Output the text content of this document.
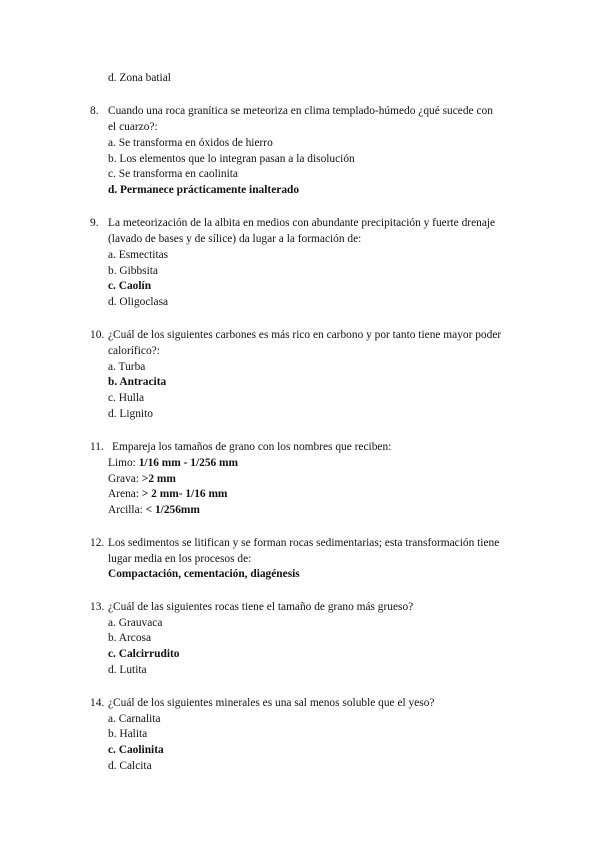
d. Zona batial
8. Cuando una roca granítica se meteoriza en clima templado-húmedo ¿qué sucede con
el cuarzo?:
a. Se transforma en óxidos de hierro
b. Los elementos que lo integran pasan a la disolución
c. Se transforma en caolinita
d. Permanece prácticamente inalterado
9. La meteorización de la albita en medios con abundante precipitación y fuerte drenaje
(lavado de bases y de sílice) da lugar a la formación de:
a. Esmectitas
b. Gibbsita
c. Caolín
d. Oligoclasa
10. ¿Cuál de los siguientes carbones es más rico en carbono y por tanto tiene mayor poder
calorífico?:
a. Turba
b. Antracita
c. Hulla
d. Lignito
11. Empareja los tamaños de grano con los nombres que reciben:
Limo: 1/16 mm - 1/256 mm
Grava: >2 mm
Arena: > 2 mm- 1/16 mm
Arcilla: < 1/256mm
12. Los sedimentos se litifican y se forman rocas sedimentarias; esta transformación tiene
lugar media en los procesos de:
Compactación, cementación, diagénesis
13. ¿Cuál de las siguientes rocas tiene el tamaño de grano más grueso?
a. Grauvaca
b. Arcosa
c. Calcirrudito
d. Lutita
14. ¿Cuál de los siguientes minerales es una sal menos soluble que el yeso?
a. Carnalita
b. Halita
c. Caolinita
d. Calcita
